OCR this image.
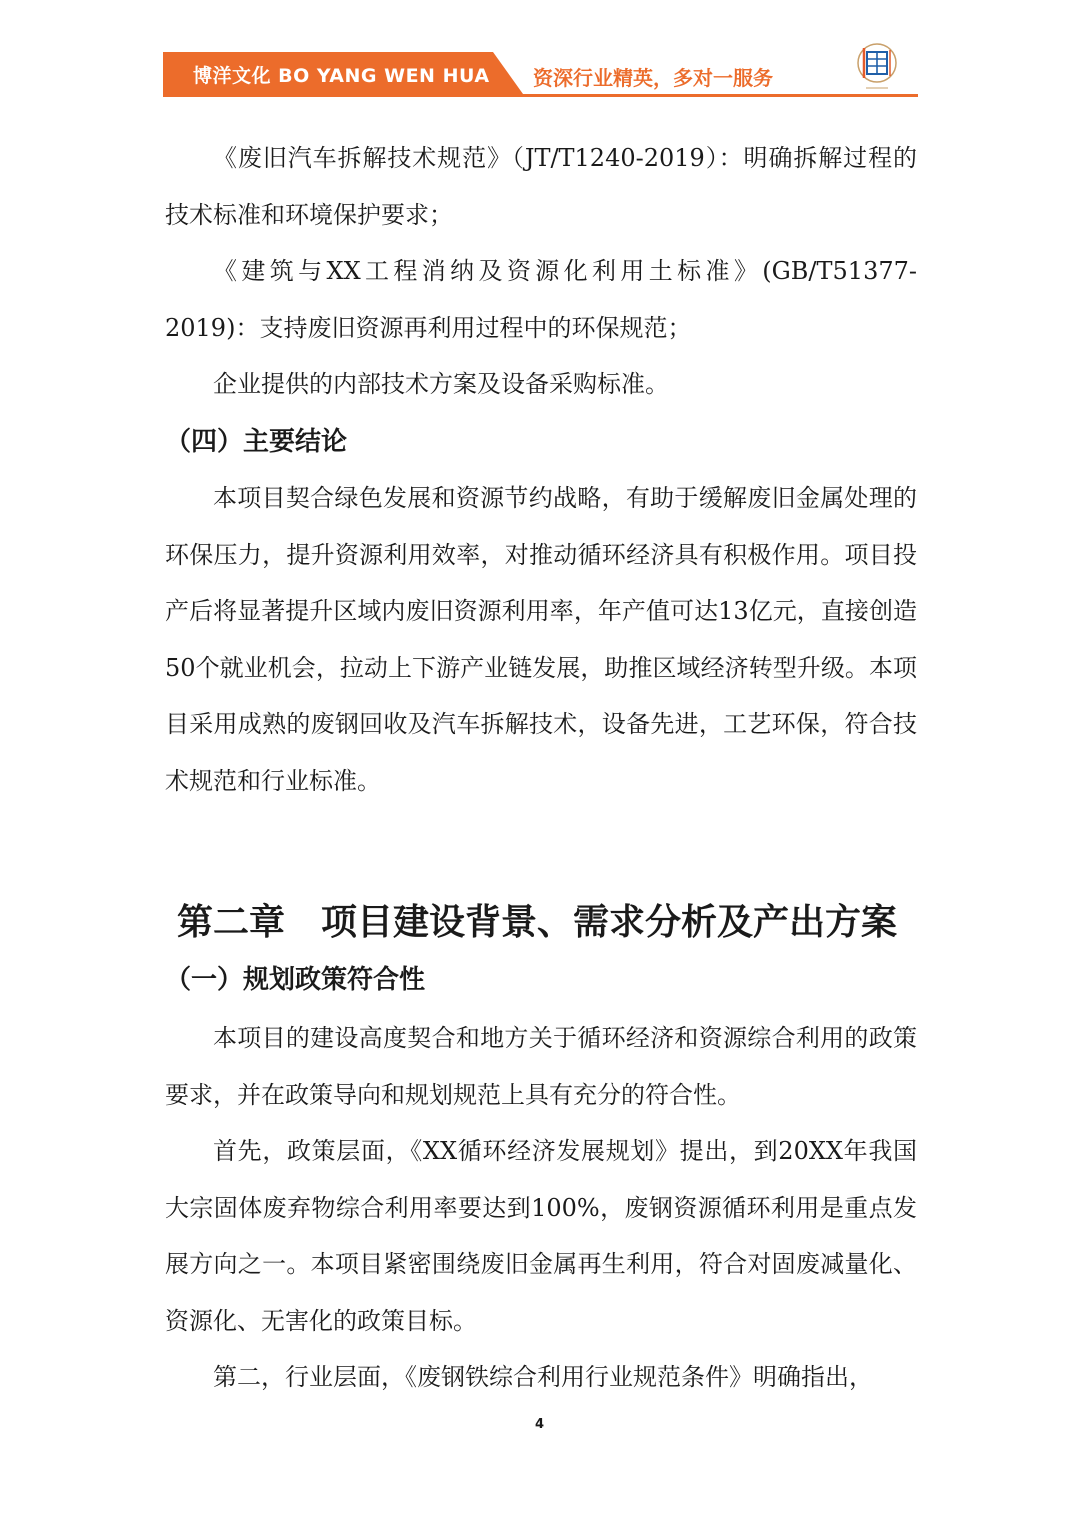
博洋文化 BO YANG WEN HUA 资深行业精英，多对一服务
《废旧汽车拆解技术规范》（JT/T1240-2019）：明确拆解过程的技术标准和环境保护要求；
《建筑与XX工程消纳及资源化利用土标准》(GB/T51377-2019)：支持废旧资源再利用过程中的环保规范；
企业提供的内部技术方案及设备采购标准。
（四）主要结论
本项目契合绿色发展和资源节约战略，有助于缓解废旧金属处理的环保压力，提升资源利用效率，对推动循环经济具有积极作用。项目投产后将显著提升区域内废旧资源利用率，年产值可达13亿元，直接创造50个就业机会，拉动上下游产业链发展，助推区域经济转型升级。本项目采用成熟的废钢回收及汽车拆解技术，设备先进，工艺环保，符合技术规范和行业标准。
第二章　项目建设背景、需求分析及产出方案
（一）规划政策符合性
本项目的建设高度契合和地方关于循环经济和资源综合利用的政策要求，并在政策导向和规划规范上具有充分的符合性。
首先，政策层面，《XX循环经济发展规划》提出，到20XX年我国大宗固体废弃物综合利用率要达到100%，废钢资源循环利用是重点发展方向之一。本项目紧密围绕废旧金属再生利用，符合对固废减量化、资源化、无害化的政策目标。
第二，行业层面，《废钢铁综合利用行业规范条件》明确指出，
4
